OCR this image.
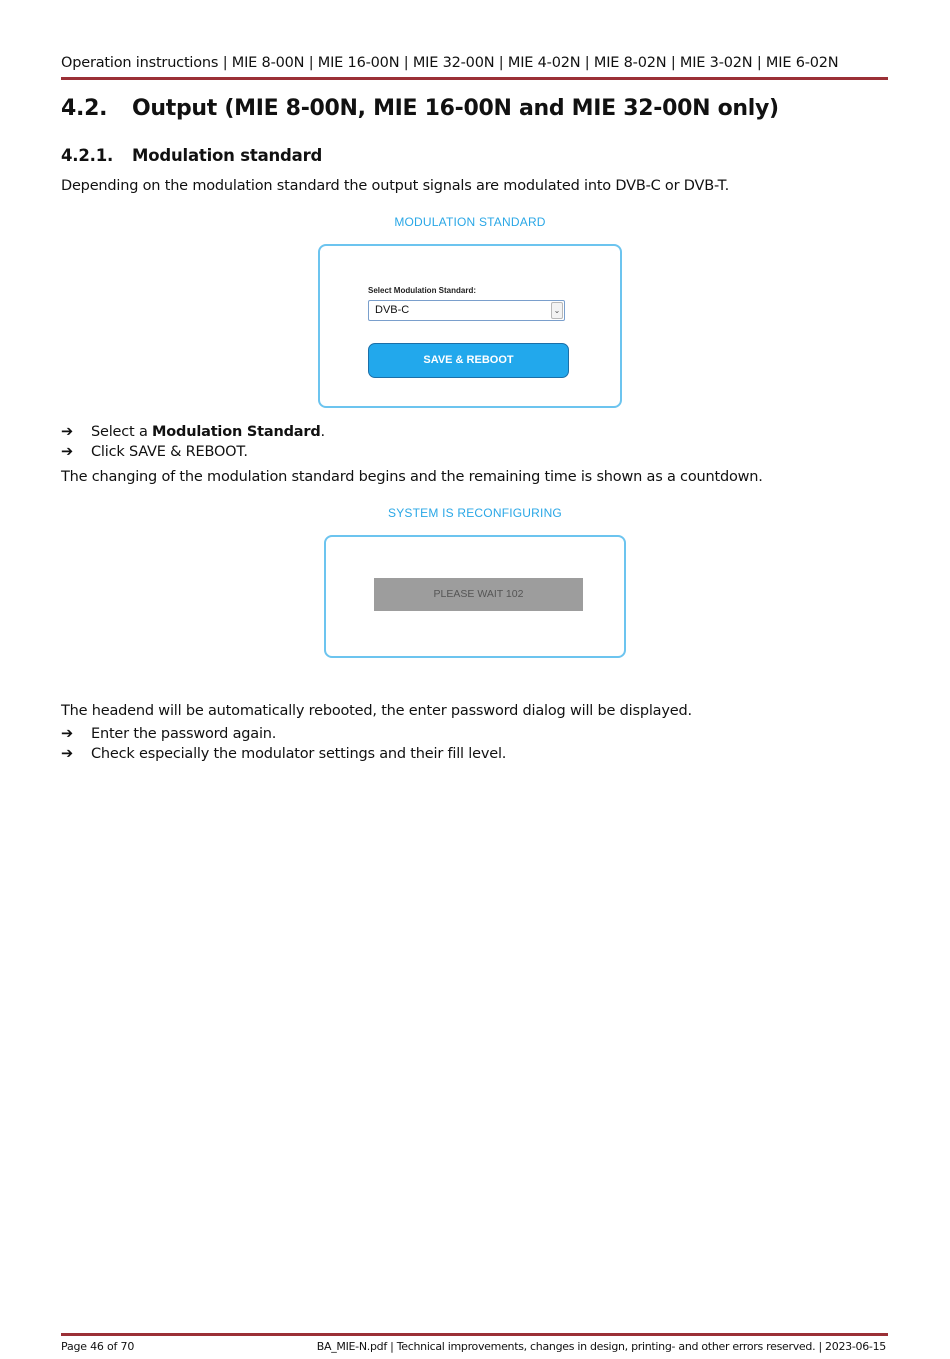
Operation instructions | MIE 8-00N | MIE 16-00N | MIE 32-00N | MIE 4-02N | MIE 8-02N | MIE 3-02N | MIE 6-02N
4.2. Output (MIE 8-00N, MIE 16-00N and MIE 32-00N only)
4.2.1. Modulation standard
Depending on the modulation standard the output signals are modulated into DVB-C or DVB-T.
MODULATION STANDARD
Select Modulation Standard:
DVB-C	⌄
SAVE & REBOOT
➔ Select a Modulation Standard.
➔ Click SAVE & REBOOT.
The changing of the modulation standard begins and the remaining time is shown as a countdown.
SYSTEM IS RECONFIGURING
PLEASE WAIT 102
The headend will be automatically rebooted, the enter password dialog will be displayed.
➔ Enter the password again.
➔ Check especially the modulator settings and their fill level.
Page 46 of 70	BA_MIE-N.pdf | Technical improvements, changes in design, printing- and other errors reserved. | 2023-06-15
